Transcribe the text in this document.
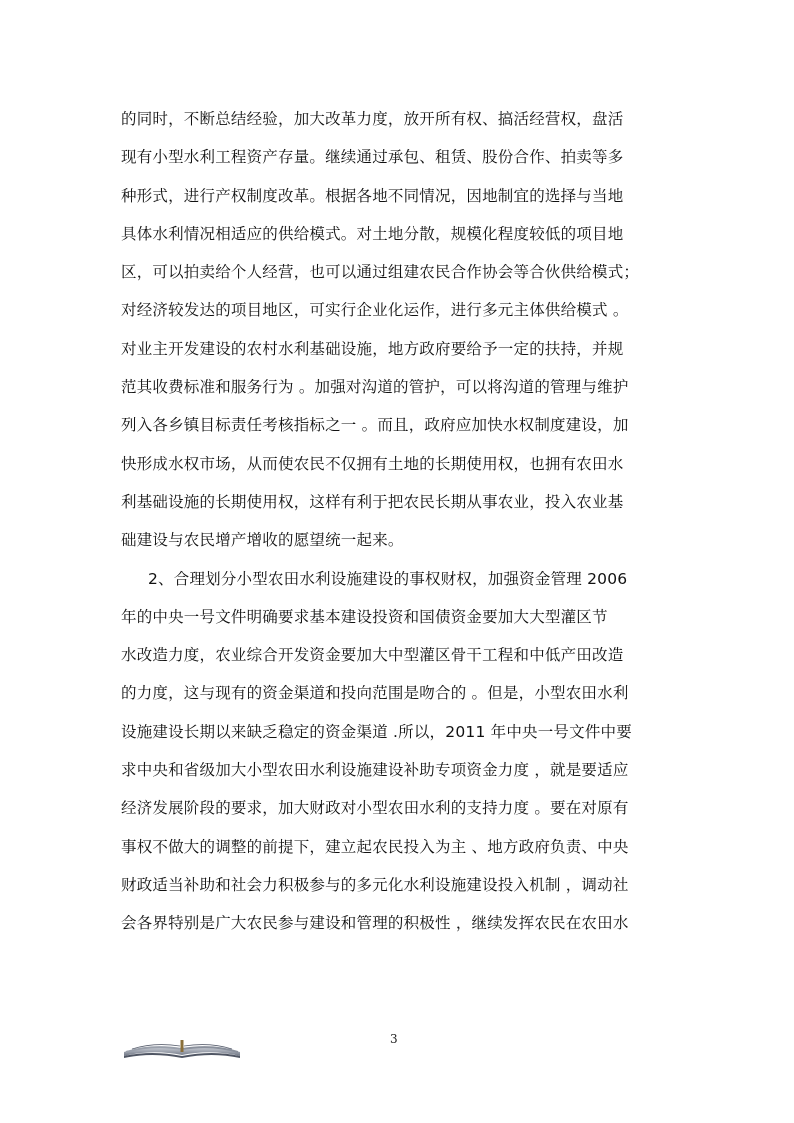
的同时，不断总结经验，加大改革力度，放开所有权、搞活经营权，盘活
现有小型水利工程资产存量。继续通过承包、租赁、股份合作、拍卖等多
种形式，进行产权制度改革。根据各地不同情况，因地制宜的选择与当地
具体水利情况相适应的供给模式。对土地分散，规模化程度较低的项目地
区，可以拍卖给个人经营，也可以通过组建农民合作协会等合伙供给模式；
对经济较发达的项目地区，可实行企业化运作，进行多元主体供给模式 。
对业主开发建设的农村水利基础设施，地方政府要给予一定的扶持，并规
范其收费标准和服务行为 。加强对沟道的管护，可以将沟道的管理与维护
列入各乡镇目标责任考核指标之一 。而且，政府应加快水权制度建设，加
快形成水权市场，从而使农民不仅拥有土地的长期使用权，也拥有农田水
利基础设施的长期使用权，这样有利于把农民长期从事农业，投入农业基
础建设与农民增产增收的愿望统一起来。
2、合理划分小型农田水利设施建设的事权财权，加强资金管理 2006
年的中央一号文件明确要求基本建设投资和国债资金要加大大型灌区节
水改造力度，农业综合开发资金要加大中型灌区骨干工程和中低产田改造
的力度，这与现有的资金渠道和投向范围是吻合的 。但是，小型农田水利
设施建设长期以来缺乏稳定的资金渠道 .所以，2011 年中央一号文件中要
求中央和省级加大小型农田水利设施建设补助专项资金力度 ，就是要适应
经济发展阶段的要求，加大财政对小型农田水利的支持力度 。要在对原有
事权不做大的调整的前提下，建立起农民投入为主 、地方政府负责、中央
财政适当补助和社会力积极参与的多元化水利设施建设投入机制 ，调动社
会各界特别是广大农民参与建设和管理的积极性 ，继续发挥农民在农田水
3
